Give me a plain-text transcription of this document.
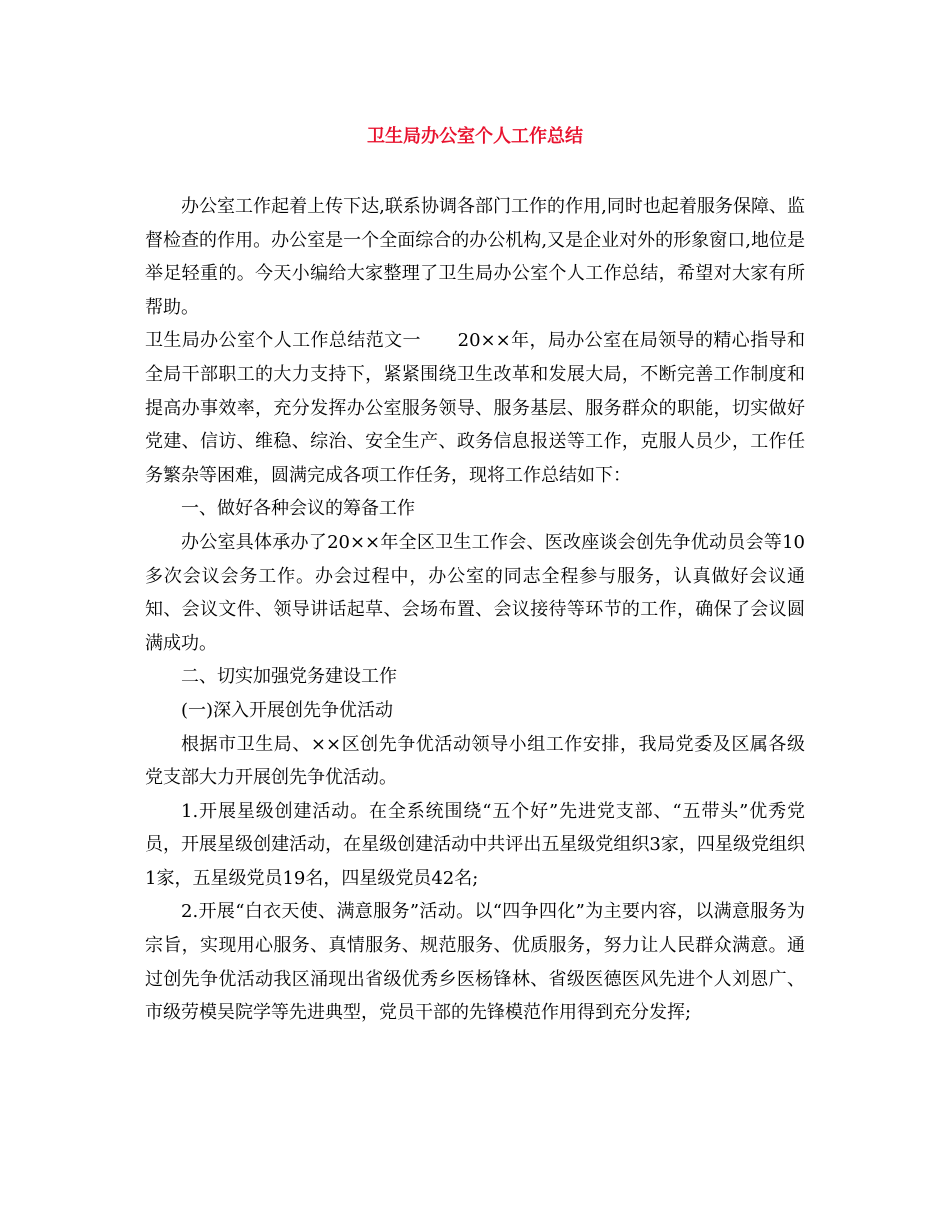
卫生局办公室个人工作总结

办公室工作起着上传下达,联系协调各部门工作的作用,同时也起着服务保障、监督检查的作用。办公室是一个全面综合的办公机构,又是企业对外的形象窗口,地位是举足轻重的。今天小编给大家整理了卫生局办公室个人工作总结，希望对大家有所帮助。

卫生局办公室个人工作总结范文一　　20××年，局办公室在局领导的精心指导和全局干部职工的大力支持下，紧紧围绕卫生改革和发展大局，不断完善工作制度和提高办事效率，充分发挥办公室服务领导、服务基层、服务群众的职能，切实做好党建、信访、维稳、综治、安全生产、政务信息报送等工作，克服人员少，工作任务繁杂等困难，圆满完成各项工作任务，现将工作总结如下：

一、做好各种会议的筹备工作

办公室具体承办了20××年全区卫生工作会、医改座谈会创先争优动员会等10多次会议会务工作。办会过程中，办公室的同志全程参与服务，认真做好会议通知、会议文件、领导讲话起草、会场布置、会议接待等环节的工作，确保了会议圆满成功。

二、切实加强党务建设工作

(一)深入开展创先争优活动

根据市卫生局、××区创先争优活动领导小组工作安排，我局党委及区属各级党支部大力开展创先争优活动。

1.开展星级创建活动。在全系统围绕“五个好”先进党支部、“五带头”优秀党员，开展星级创建活动，在星级创建活动中共评出五星级党组织3家，四星级党组织1家，五星级党员19名，四星级党员42名;

2.开展“白衣天使、满意服务”活动。以“四争四化”为主要内容，以满意服务为宗旨，实现用心服务、真情服务、规范服务、优质服务，努力让人民群众满意。通过创先争优活动我区涌现出省级优秀乡医杨锋林、省级医德医风先进个人刘恩广、市级劳模吴院学等先进典型，党员干部的先锋模范作用得到充分发挥;
